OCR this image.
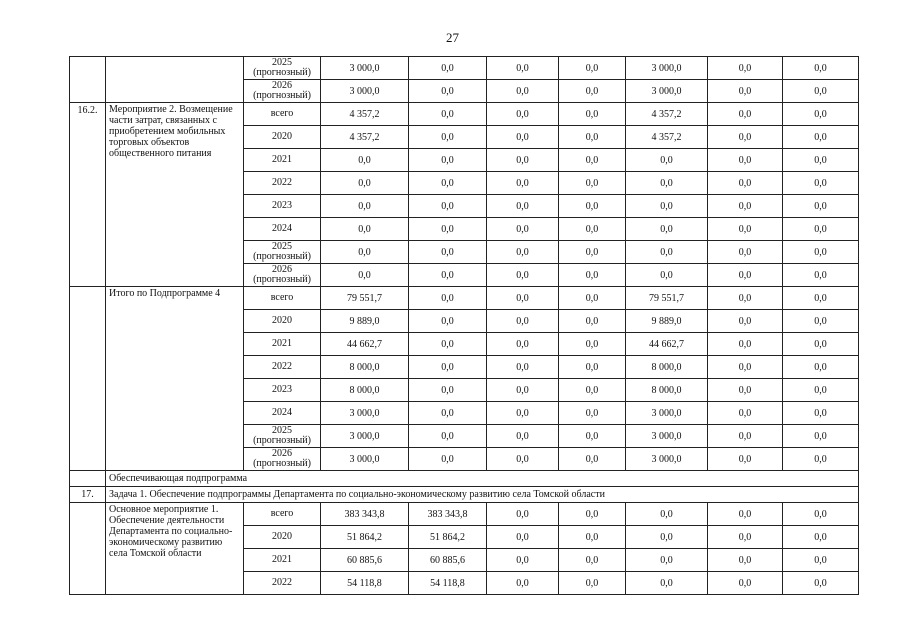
27
		2025 (прогнозный)	3 000,0	0,0	0,0	0,0	3 000,0	0,0	0,0
		2026 (прогнозный)	3 000,0	0,0	0,0	0,0	3 000,0	0,0	0,0
16.2.	Мероприятие 2. Возмещение части затрат, связанных с приобретением мобильных торговых объектов общественного питания	всего	4 357,2	0,0	0,0	0,0	4 357,2	0,0	0,0
		2020	4 357,2	0,0	0,0	0,0	4 357,2	0,0	0,0
		2021	0,0	0,0	0,0	0,0	0,0	0,0	0,0
		2022	0,0	0,0	0,0	0,0	0,0	0,0	0,0
		2023	0,0	0,0	0,0	0,0	0,0	0,0	0,0
		2024	0,0	0,0	0,0	0,0	0,0	0,0	0,0
		2025 (прогнозный)	0,0	0,0	0,0	0,0	0,0	0,0	0,0
		2026 (прогнозный)	0,0	0,0	0,0	0,0	0,0	0,0	0,0
	Итого по Подпрограмме 4	всего	79 551,7	0,0	0,0	0,0	79 551,7	0,0	0,0
		2020	9 889,0	0,0	0,0	0,0	9 889,0	0,0	0,0
		2021	44 662,7	0,0	0,0	0,0	44 662,7	0,0	0,0
		2022	8 000,0	0,0	0,0	0,0	8 000,0	0,0	0,0
		2023	8 000,0	0,0	0,0	0,0	8 000,0	0,0	0,0
		2024	3 000,0	0,0	0,0	0,0	3 000,0	0,0	0,0
		2025 (прогнозный)	3 000,0	0,0	0,0	0,0	3 000,0	0,0	0,0
		2026 (прогнозный)	3 000,0	0,0	0,0	0,0	3 000,0	0,0	0,0
	Обеспечивающая подпрограмма								
17.	Задача 1. Обеспечение подпрограммы Департамента по социально-экономическому развитию села Томской области								
	Основное мероприятие 1. Обеспечение деятельности Департамента по социально-экономическому развитию села Томской области	всего	383 343,8	383 343,8	0,0	0,0	0,0	0,0	0,0
		2020	51 864,2	51 864,2	0,0	0,0	0,0	0,0	0,0
		2021	60 885,6	60 885,6	0,0	0,0	0,0	0,0	0,0
		2022	54 118,8	54 118,8	0,0	0,0	0,0	0,0	0,0
